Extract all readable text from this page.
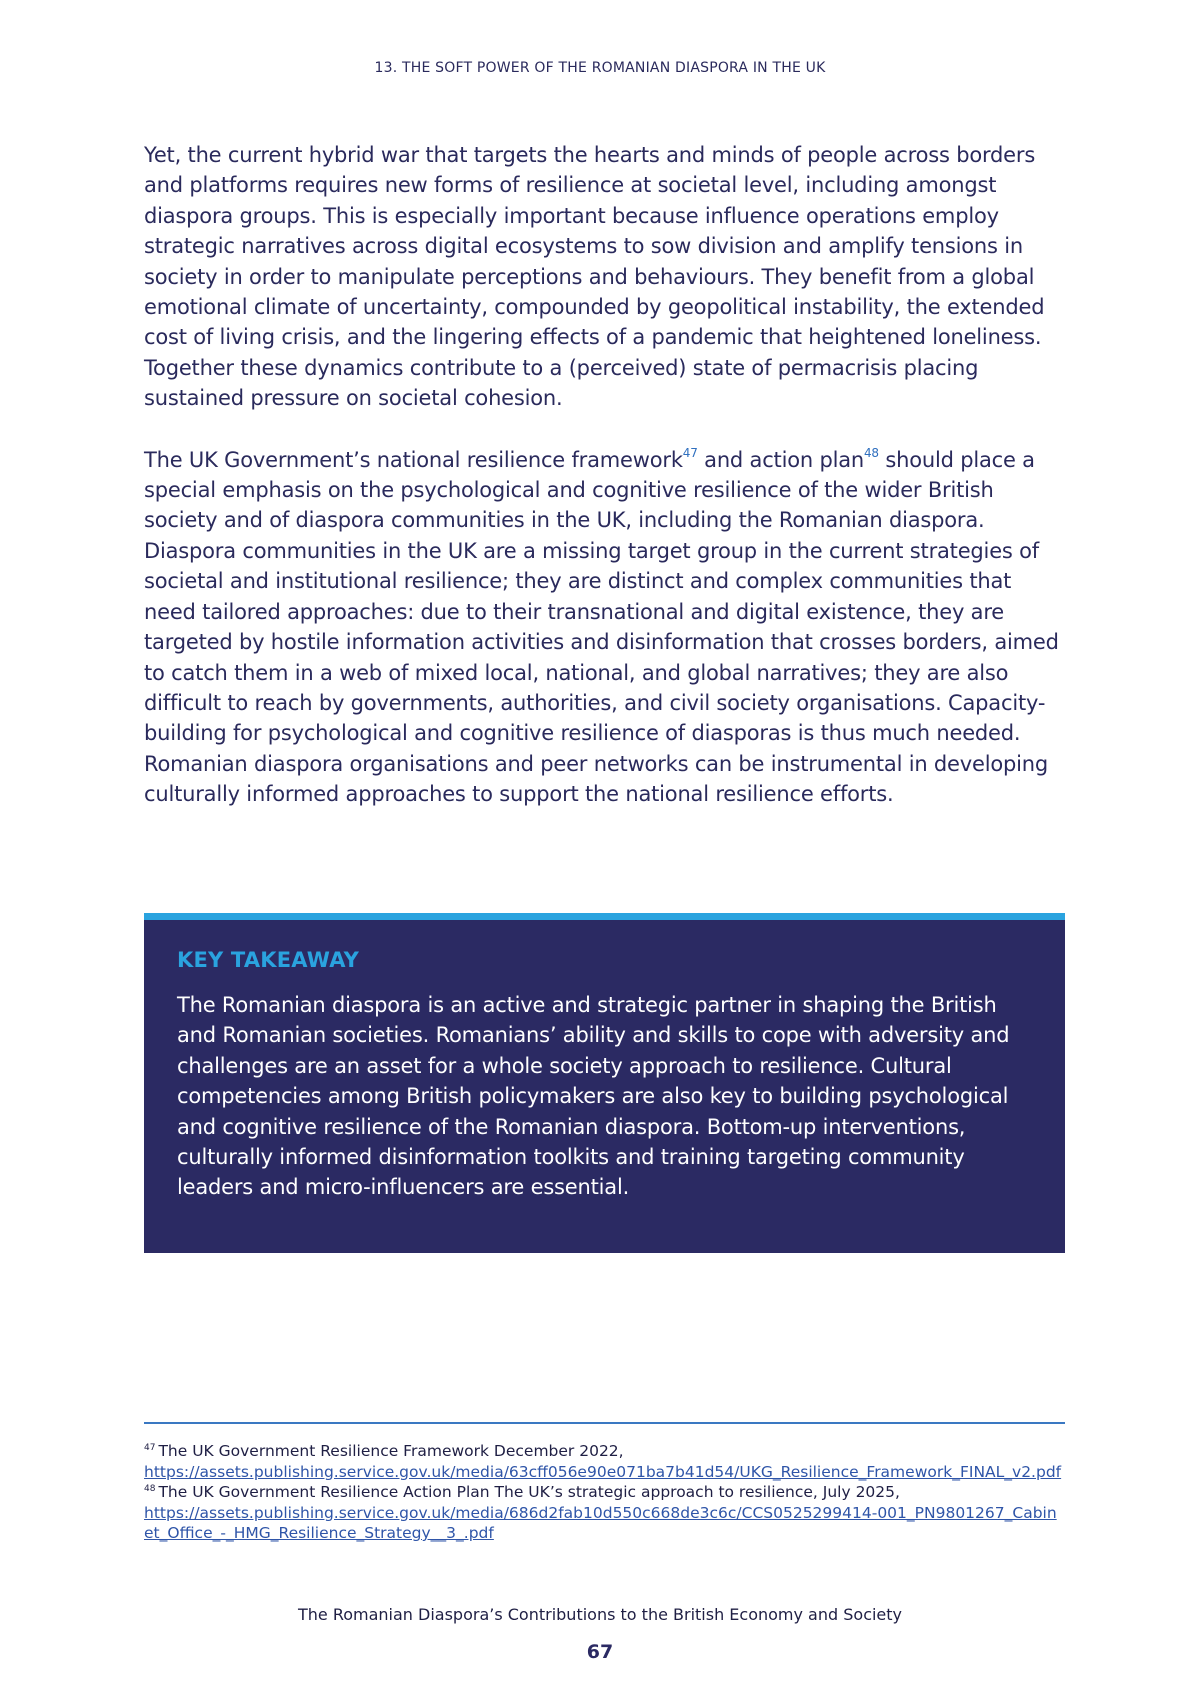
13. THE SOFT POWER OF THE ROMANIAN DIASPORA IN THE UK

Yet, the current hybrid war that targets the hearts and minds of people across borders and platforms requires new forms of resilience at societal level, including amongst diaspora groups. This is especially important because influence operations employ strategic narratives across digital ecosystems to sow division and amplify tensions in society in order to manipulate perceptions and behaviours. They benefit from a global emotional climate of uncertainty, compounded by geopolitical instability, the extended cost of living crisis, and the lingering effects of a pandemic that heightened loneliness. Together these dynamics contribute to a (perceived) state of permacrisis placing sustained pressure on societal cohesion.

The UK Government’s national resilience framework$^{47}$ and action plan$^{48}$ should place a special emphasis on the psychological and cognitive resilience of the wider British society and of diaspora communities in the UK, including the Romanian diaspora. Diaspora communities in the UK are a missing target group in the current strategies of societal and institutional resilience; they are distinct and complex communities that need tailored approaches: due to their transnational and digital existence, they are targeted by hostile information activities and disinformation that crosses borders, aimed to catch them in a web of mixed local, national, and global narratives; they are also difficult to reach by governments, authorities, and civil society organisations. Capacity-building for psychological and cognitive resilience of diasporas is thus much needed. Romanian diaspora organisations and peer networks can be instrumental in developing culturally informed approaches to support the national resilience efforts.

KEY TAKEAWAY

The Romanian diaspora is an active and strategic partner in shaping the British and Romanian societies. Romanians’ ability and skills to cope with adversity and challenges are an asset for a whole society approach to resilience. Cultural competencies among British policymakers are also key to building psychological and cognitive resilience of the Romanian diaspora. Bottom-up interventions, culturally informed disinformation toolkits and training targeting community leaders and micro-influencers are essential.

$^{47}$ The UK Government Resilience Framework December 2022,
https://assets.publishing.service.gov.uk/media/63cff056e90e071ba7b41d54/UKG_Resilience_Framework_FINAL_v2.pdf

$^{48}$ The UK Government Resilience Action Plan The UK’s strategic approach to resilience, July 2025,
https://assets.publishing.service.gov.uk/media/686d2fab10d550c668de3c6c/CCS0525299414-001_PN9801267_Cabinet_Office_-_HMG_Resilience_Strategy__3_.pdf

The Romanian Diaspora’s Contributions to the British Economy and Society
67
